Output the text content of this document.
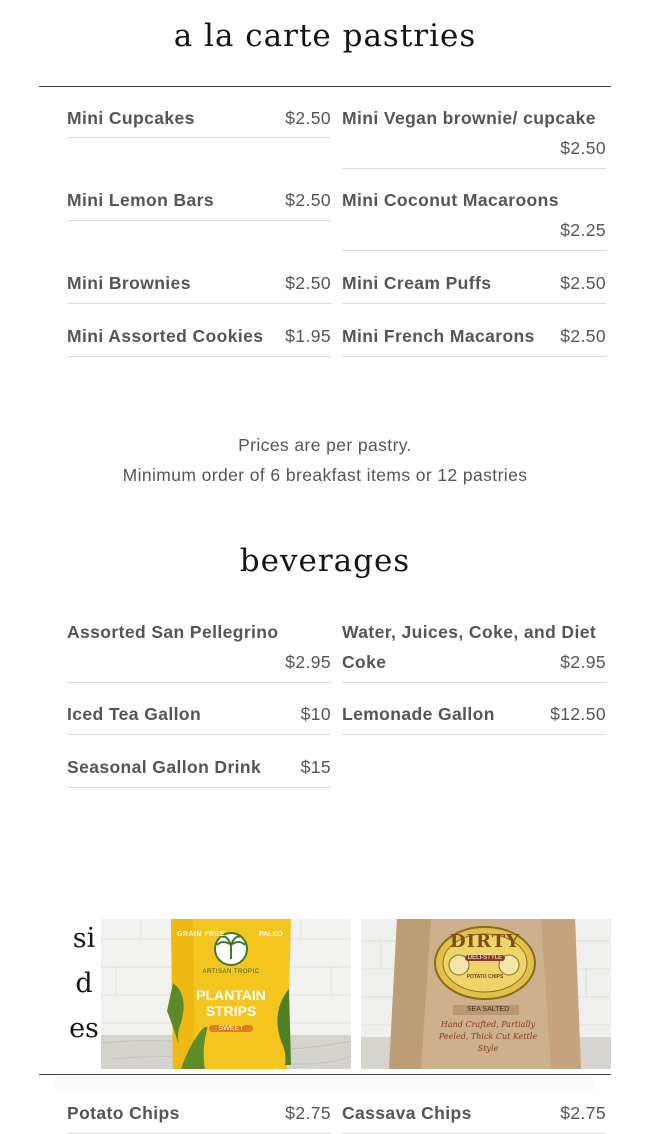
a la carte pastries
Mini Cupcakes	$2.50 Mini Vegan brownie/ cupcake
$2.50
Mini Lemon Bars	$2.50 Mini Coconut Macaroons
$2.25
Mini Brownies	$2.50 Mini Cream Puffs	$2.50
Mini Assorted Cookies $1.95 Mini French Macarons $2.50
Prices are per pastry.
Minimum order of 6 breakfast items or 12 pastries
beverages
Assorted San Pellegrino
$2.95
Water, Juices, Coke, and Diet
Coke	$2.95
Iced Tea Gallon	$10 Lemonade Gallon	$12.50
Seasonal Gallon Drink $15
si
d
es
GRAIN FREE	PALEO
ARTISAN TROPIC
PLANTAIN STRIPS
SWEET
DIRTY
DELI-STYLE
POTATO CHIPS
SEA SALTED
Hand Crafted, Partially Peeled, Thick Cut Kettle Style
Potato Chips	$2.75 Cassava Chips	$2.75
